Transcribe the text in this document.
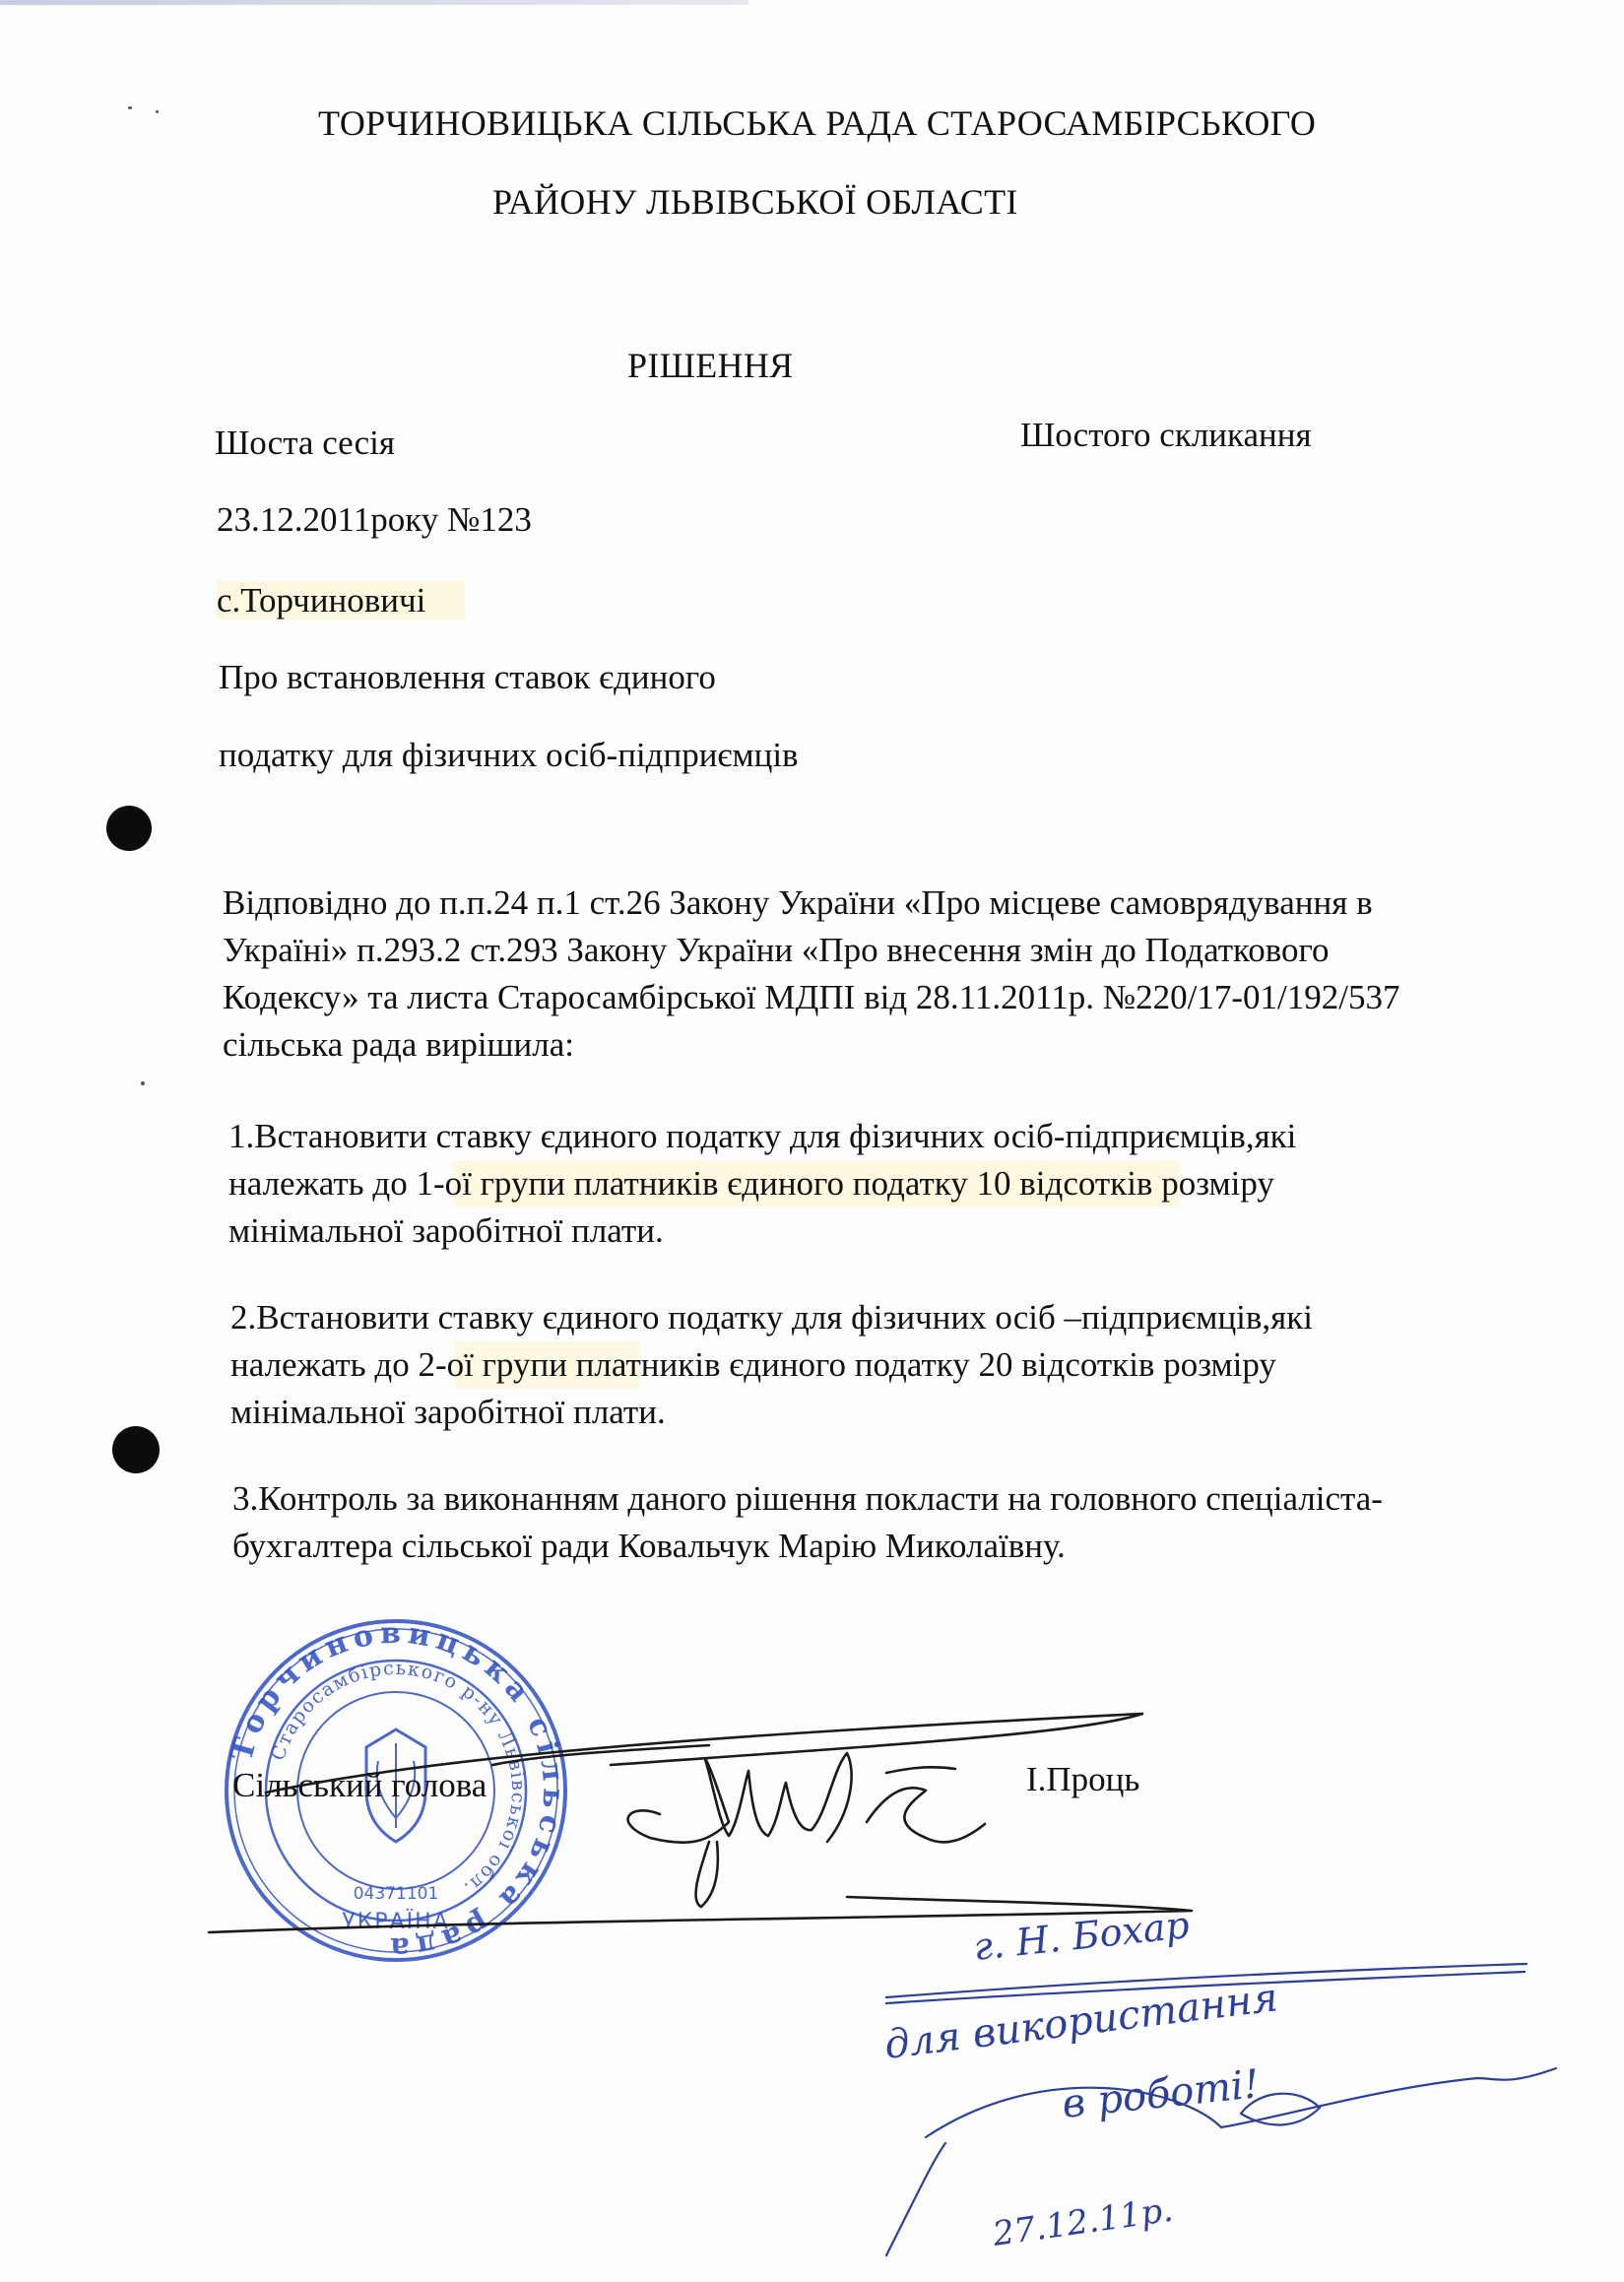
ТОРЧИНОВИЦЬКА СІЛЬСЬКА РАДА СТАРОСАМБІРСЬКОГО
РАЙОНУ ЛЬВІВСЬКОЇ ОБЛАСТІ
РІШЕННЯ
Шоста сесія	Шостого скликання
23.12.2011року №123
с.Торчиновичі
Про встановлення ставок єдиного
податку для фізичних осіб-підприємців
Відповідно до п.п.24 п.1 ст.26 Закону України «Про місцеве самоврядування в
Україні» п.293.2 ст.293 Закону України «Про внесення змін до Податкового
Кодексу» та листа Старосамбірської МДПІ від 28.11.2011р. №220/17-01/192/537
сільська рада вирішила:
1.Встановити ставку єдиного податку для фізичних осіб-підприємців,які
належать до 1-ої групи платників єдиного податку 10 відсотків розміру
мінімальної заробітної плати.
2.Встановити ставку єдиного податку для фізичних осіб –підприємців,які
належать до 2-ої групи платників єдиного податку 20 відсотків розміру
мінімальної заробітної плати.
3.Контроль за виконанням даного рішення покласти на головного спеціаліста-
бухгалтера сільської ради Ковальчук Марію Миколаївну.
Торчиновицька сільська рада
Старосамбірського р-ну Львівської обл.
04371101
УКРАЇНА
Сільський голова	І.Проць
г. Н. Бохар
для використання
в роботі!
27.12.11р.
